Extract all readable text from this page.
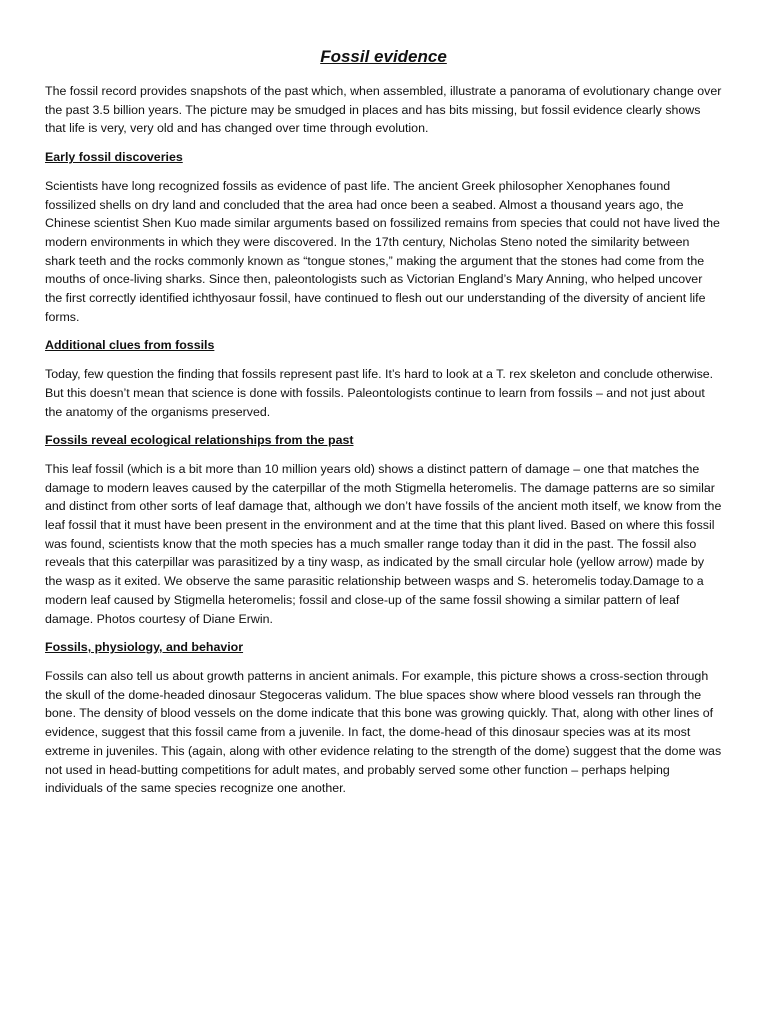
Fossil evidence

The fossil record provides snapshots of the past which, when assembled, illustrate a panorama of evolutionary change over the past 3.5 billion years. The picture may be smudged in places and has bits missing, but fossil evidence clearly shows that life is very, very old and has changed over time through evolution.

Early fossil discoveries

Scientists have long recognized fossils as evidence of past life. The ancient Greek philosopher Xenophanes found fossilized shells on dry land and concluded that the area had once been a seabed. Almost a thousand years ago, the Chinese scientist Shen Kuo made similar arguments based on fossilized remains from species that could not have lived the modern environments in which they were discovered. In the 17th century, Nicholas Steno noted the similarity between shark teeth and the rocks commonly known as “tongue stones,” making the argument that the stones had come from the mouths of once-living sharks. Since then, paleontologists such as Victorian England’s Mary Anning, who helped uncover the first correctly identified ichthyosaur fossil, have continued to flesh out our understanding of the diversity of ancient life forms.

Additional clues from fossils

Today, few question the finding that fossils represent past life. It’s hard to look at a T. rex skeleton and conclude otherwise. But this doesn’t mean that science is done with fossils. Paleontologists continue to learn from fossils – and not just about the anatomy of the organisms preserved.

Fossils reveal ecological relationships from the past

This leaf fossil (which is a bit more than 10 million years old) shows a distinct pattern of damage – one that matches the damage to modern leaves caused by the caterpillar of the moth Stigmella heteromelis. The damage patterns are so similar and distinct from other sorts of leaf damage that, although we don’t have fossils of the ancient moth itself, we know from the leaf fossil that it must have been present in the environment and at the time that this plant lived. Based on where this fossil was found, scientists know that the moth species has a much smaller range today than it did in the past. The fossil also reveals that this caterpillar was parasitized by a tiny wasp, as indicated by the small circular hole (yellow arrow) made by the wasp as it exited. We observe the same parasitic relationship between wasps and S. heteromelis today.Damage to a modern leaf caused by Stigmella heteromelis; fossil and close-up of the same fossil showing a similar pattern of leaf damage. Photos courtesy of Diane Erwin.

Fossils, physiology, and behavior

Fossils can also tell us about growth patterns in ancient animals. For example, this picture shows a cross-section through the skull of the dome-headed dinosaur Stegoceras validum. The blue spaces show where blood vessels ran through the bone. The density of blood vessels on the dome indicate that this bone was growing quickly. That, along with other lines of evidence, suggest that this fossil came from a juvenile. In fact, the dome-head of this dinosaur species was at its most extreme in juveniles. This (again, along with other evidence relating to the strength of the dome) suggest that the dome was not used in head-butting competitions for adult mates, and probably served some other function – perhaps helping individuals of the same species recognize one another.
